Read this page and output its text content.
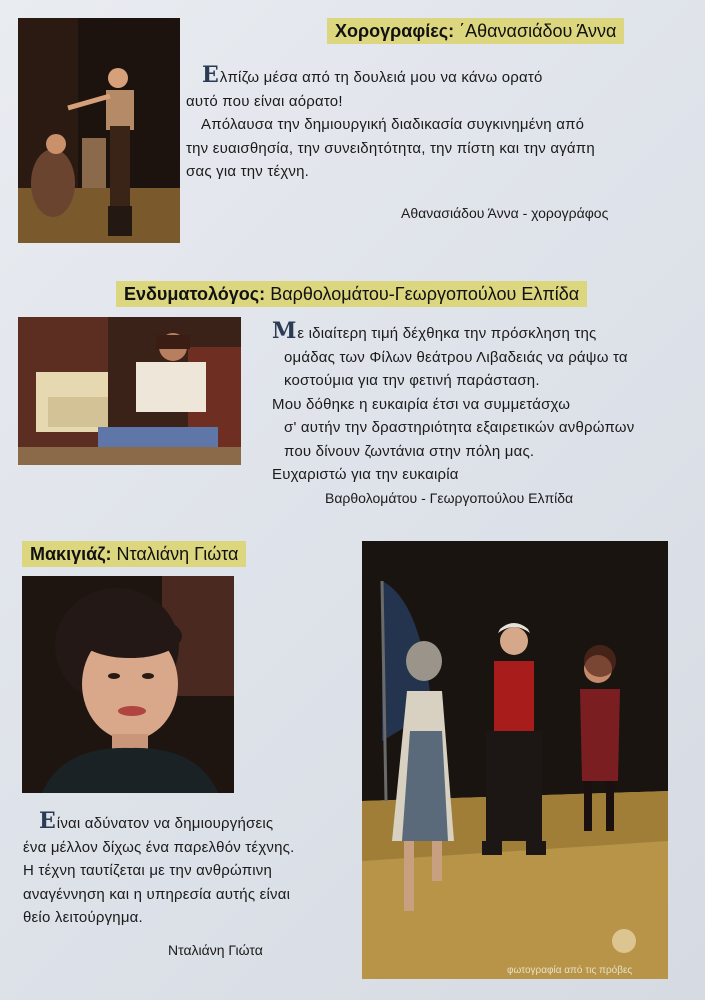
Χορογραφίες: ΄Αθανασιάδου Άννα

Ελπίζω μέσα από τη δουλειά μου να κάνω ορατό

αυτό που είναι αόρατο!

Απόλαυσα την δημιουργική διαδικασία συγκινημένη από

την ευαισθησία, την συνειδητότητα, την πίστη και την αγάπη

σας για την τέχνη.

Αθανασιάδου Άννα - χορογράφος
Ενδυματολόγος: Βαρθολομάτου-Γεωργοπούλου Ελπίδα

Με ιδιαίτερη τιμή δέχθηκα την πρόσκληση της

ομάδας των Φίλων θεάτρου Λιβαδειάς να ράψω τα

κοστούμια για την φετινή παράσταση.

Μου δόθηκε η ευκαιρία έτσι να συμμετάσχω

σ' αυτήν την δραστηριότητα εξαιρετικών ανθρώπων

που δίνουν ζωντάνια στην πόλη μας.

Ευχαριστώ για την ευκαιρία

Βαρθολομάτου - Γεωργοπούλου Ελπίδα
Μακιγιάζ: Νταλιάνη Γιώτα

Είναι αδύνατον να δημιουργήσεις

ένα μέλλον δίχως ένα παρελθόν τέχνης.

Η τέχνη ταυτίζεται με την ανθρώπινη

αναγέννηση και η υπηρεσία αυτής είναι

θείο λειτούργημα.

Νταλιάνη Γιώτα
φωτογραφία από τις πρόβες
